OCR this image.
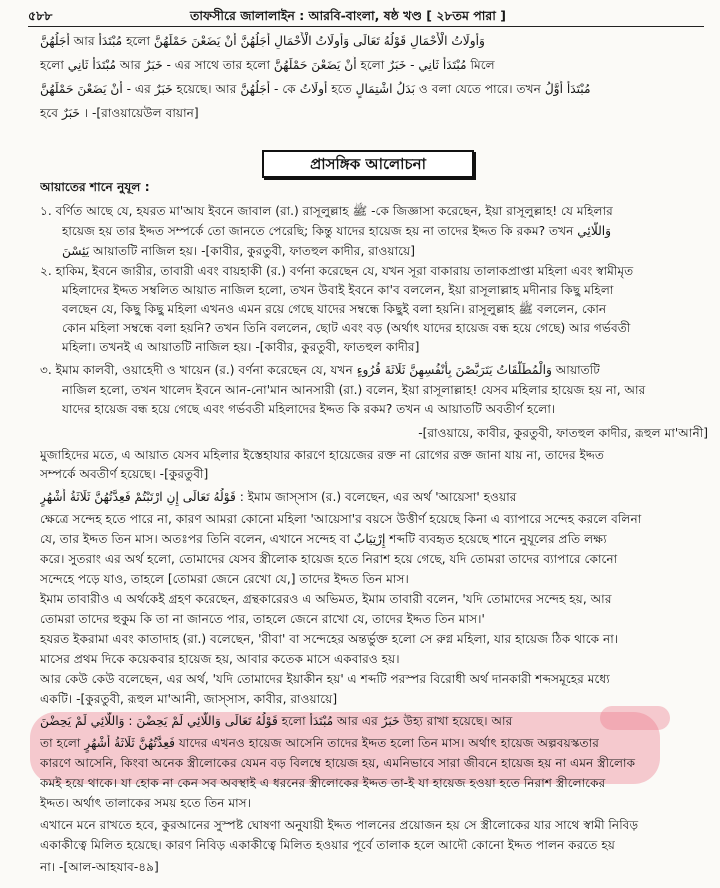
৫৮৮	তাফসীরে জালালাইন : আরবি-বাংলা, ষষ্ঠ খণ্ড [ ২৮তম পারা ]
أَجَلُهُنَّ আর مُبْتَدَأٌ হলো وَأُولَاتُ الْأَحْمَالِ قَوْلُهُ تَعَالَى وَأُولَاتُ الْأَحْمَالِ أَجَلُهُنَّ أَنْ يَضَعْنَ حَمْلَهُنَّ
হলো مُبْتَدَأٌ ثَانِي আর خَبَرٌ - এর সাথে তার হলো أَنْ يَضَعْنَ حَمْلَهُنَّ হলো مُبْتَدَأٌ ثَانِي - خَبَرٌ মিলে
أَنْ يَضَعْنَ حَمْلَهُنَّ - এর خَبَرٌ হয়েছে। আর أَجَلُهُنَّ - কে أُولَاتُ হতে بَدَلُ اشْتِمَالٍ ও বলা যেতে পারে। তখন مُبْتَدَأٌ أَوَّلُ
হবে خَبَرٌ । -[রাওয়ায়েউল বায়ান]
প্রাসঙ্গিক আলোচনা
আয়াতের শানে নুযূল :
১. বর্ণিত আছে যে, হযরত মা'আয ইবনে জাবাল (রা.) রাসূলুল্লাহ ﷺ -কে জিজ্ঞাসা করেছেন, ইয়া রাসূলুল্লাহ! যে মহিলার
হায়েজ হয় তার ইদ্দত সম্পর্কে তো জানতে পেরেছি; কিন্তু যাদের হায়েজ হয় না তাদের ইদ্দত কি রকম? তখন وَاللَّائِي
يَئِسْنَ আয়াতটি নাজিল হয়। -[কাবীর, কুরতুবী, ফাতহুল কাদীর, রাওয়ায়ে]
২. হাকিম, ইবনে জারীর, তাবারী এবং বায়হাকী (র.) বর্ণনা করেছেন যে, যখন সূরা বাকারায় তালাকপ্রাপ্তা মহিলা এবং স্বামীমৃত
মহিলাদের ইদ্দত সম্বলিত আয়াত নাজিল হলো, তখন উবাই ইবনে কা'ব বললেন, ইয়া রাসূলাল্লাহ মদীনার কিছু মহিলা
বলছেন যে, কিছু কিছু মহিলা এখনও এমন রয়ে গেছে যাদের সম্বন্ধে কিছুই বলা হয়নি। রাসূলুল্লাহ ﷺ বললেন, কোন
কোন মহিলা সম্বন্ধে বলা হয়নি? তখন তিনি বললেন, ছোট এবং বড় (অর্থাৎ যাদের হায়েজ বন্ধ হয়ে গেছে) আর গর্ভবতী
মহিলা। তখনই এ আয়াতটি নাজিল হয়। -[কাবীর, কুরতুবী, ফাতহুল কাদীর]
৩. ইমাম কালবী, ওয়াহেদী ও খায়েন (র.) বর্ণনা করেছেন যে, যখন وَالْمُطَلَّقَاتُ يَتَرَبَّصْنَ بِأَنْفُسِهِنَّ ثَلَاثَةَ قُرُوءٍ আয়াতটি
নাজিল হলো, তখন খালেদ ইবনে আন-নো'মান আনসারী (রা.) বলেন, ইয়া রাসূলাল্লাহ! যেসব মহিলার হায়েজ হয় না, আর
যাদের হায়েজ বন্ধ হয়ে গেছে এবং গর্ভবতী মহিলাদের ইদ্দত কি রকম? তখন এ আয়াতটি অবতীর্ণ হলো।
-[রাওয়ায়ে, কাবীর, কুরতুবী, ফাতহুল কাদীর, রূহুল মা'আনী]
মুজাহিদের মতে, এ আয়াত যেসব মহিলার ইস্তেহাযার কারণে হায়েজের রক্ত না রোগের রক্ত জানা যায় না, তাদের ইদ্দত
সম্পর্কে অবতীর্ণ হয়েছে। -[কুরতুবী]
قَوْلُهُ تَعَالَى إِنِ ارْتَبْتُمْ فَعِدَّتُهُنَّ ثَلَاثَةُ أَشْهُرٍ : ইমাম জাস্সাস (র.) বলেছেন, এর অর্থ 'আয়েসা' হওয়ার
ক্ষেত্রে সন্দেহ হতে পারে না, কারণ আমরা কোনো মহিলা 'আয়েসা'র বয়সে উত্তীর্ণ হয়েছে কিনা এ ব্যাপারে সন্দেহ করলে বলিনা
যে, তার ইদ্দত তিন মাস। অতঃপর তিনি বলেন, এখানে সন্দেহ বা إِرْتِيَابٌ শব্দটি ব্যবহৃত হয়েছে শানে নুযূলের প্রতি লক্ষ্য
করে। সুতরাং এর অর্থ হলো, তোমাদের যেসব স্ত্রীলোক হায়েজ হতে নিরাশ হয়ে গেছে, যদি তোমরা তাদের ব্যাপারে কোনো
সন্দেহে পড়ে যাও, তাহলে [তোমরা জেনে রেখো যে,] তাদের ইদ্দত তিন মাস।
ইমাম তাবারীও এ অর্থকেই গ্রহণ করেছেন, গ্রন্থকারেরও এ অভিমত, ইমাম তাবারী বলেন, 'যদি তোমাদের সন্দেহ হয়, আর
তোমরা তাদের হুকুম কি তা না জানতে পার, তাহলে জেনে রাখো যে, তাদের ইদ্দত তিন মাস।'
হযরত ইকরামা এবং কাতাদাহ (রা.) বলেছেন, 'রীবা' বা সন্দেহের অন্তর্ভুক্ত হলো সে রুগ্ন মহিলা, যার হায়েজ ঠিক থাকে না।
মাসের প্রথম দিকে কয়েকবার হায়েজ হয়, আবার কতেক মাসে একবারও হয়।
আর কেউ কেউ বলেছেন, এর অর্থ, 'যদি তোমাদের ইয়াকীন হয়' এ শব্দটি পরস্পর বিরোধী অর্থ দানকারী শব্দসমূহের মধ্যে
একটি। -[কুরতুবী, রূহুল মা'আনী, জাস্সাস, কাবীর, রাওয়ায়ে]
قَوْلُهُ تَعَالَى وَاللَّائِي لَمْ يَحِضْنَ : وَاللَّائِي لَمْ يَحِضْنَ হলো مُبْتَدَأٌ আর এর خَبَرٌ উহ্য রাখা হয়েছে। আর
তা হলো فَعِدَّتُهُنَّ ثَلَاثَةُ أَشْهُرٍ যাদের এখনও হায়েজ আসেনি তাদের ইদ্দত হলো তিন মাস। অর্থাৎ হায়েজ অল্পবয়স্কতার
কারণে আসেনি, কিংবা অনেক স্ত্রীলোকের যেমন বড় বিলম্বে হায়েজ হয়, এমনিভাবে সারা জীবনে হায়েজ হয় না এমন স্ত্রীলোক
কমই হয়ে থাকে। যা হোক না কেন সব অবস্থাই এ ধরনের স্ত্রীলোকের ইদ্দত তা-ই যা হায়েজ হওয়া হতে নিরাশ স্ত্রীলোকের
ইদ্দত। অর্থাৎ তালাকের সময় হতে তিন মাস।
এখানে মনে রাখতে হবে, কুরআনের সুস্পষ্ট ঘোষণা অনুযায়ী ইদ্দত পালনের প্রয়োজন হয় সে স্ত্রীলোকের যার সাথে স্বামী নিবিড়
একাকীত্বে মিলিত হয়েছে। কারণ নিবিড় একাকীত্বে মিলিত হওয়ার পূর্বে তালাক হলে আদৌ কোনো ইদ্দত পালন করতে হয়
না। -[আল-আহযাব-৪৯]
